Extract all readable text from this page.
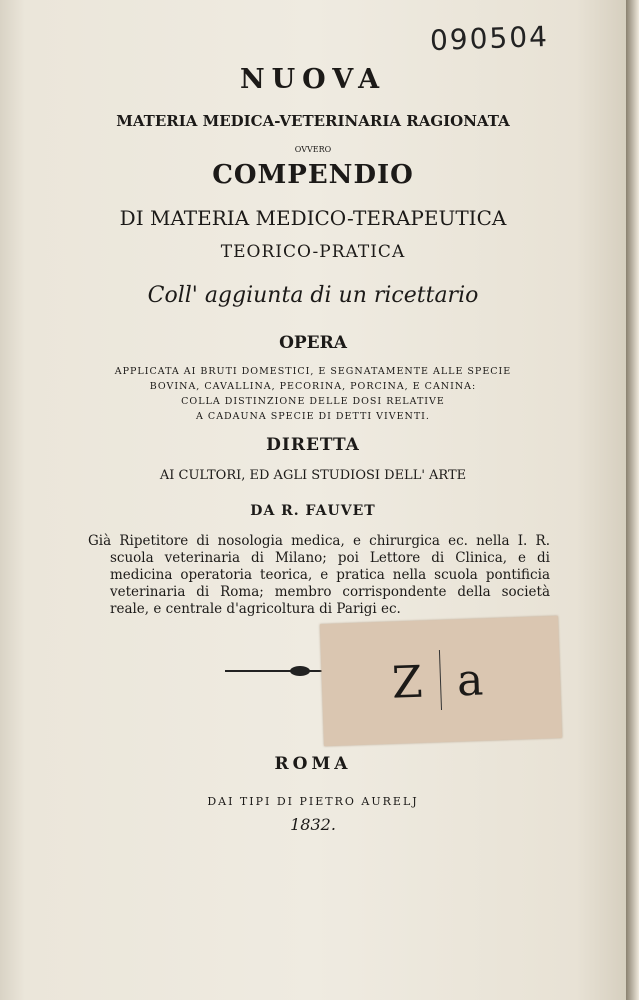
090504
NUOVA
MATERIA MEDICA-VETERINARIA RAGIONATA
OVVERO
COMPENDIO
DI MATERIA MEDICO-TERAPEUTICA
TEORICO-PRATICA
Coll' aggiunta di un ricettario
OPERA
APPLICATA AI BRUTI DOMESTICI, E SEGNATAMENTE ALLE SPECIE
BOVINA, CAVALLINA, PECORINA, PORCINA, E CANINA:
COLLA DISTINZIONE DELLE DOSI RELATIVE
A CADAUNA SPECIE DI DETTI VIVENTI.
DIRETTA
AI CULTORI, ED AGLI STUDIOSI DELL' ARTE
DA R. FAUVET
Già Ripetitore di nosologia medica, e chirurgica ec. nella I. R. scuola veterinaria di Milano; poi Lettore di Clinica, e di medicina operatoria teorica, e pratica nella scuola pontificia veterinaria di Roma; membro corrispondente della società reale, e centrale d'agricoltura di Parigi ec.
Z a
ROMA
DAI TIPI DI PIETRO AURELJ
1832.
